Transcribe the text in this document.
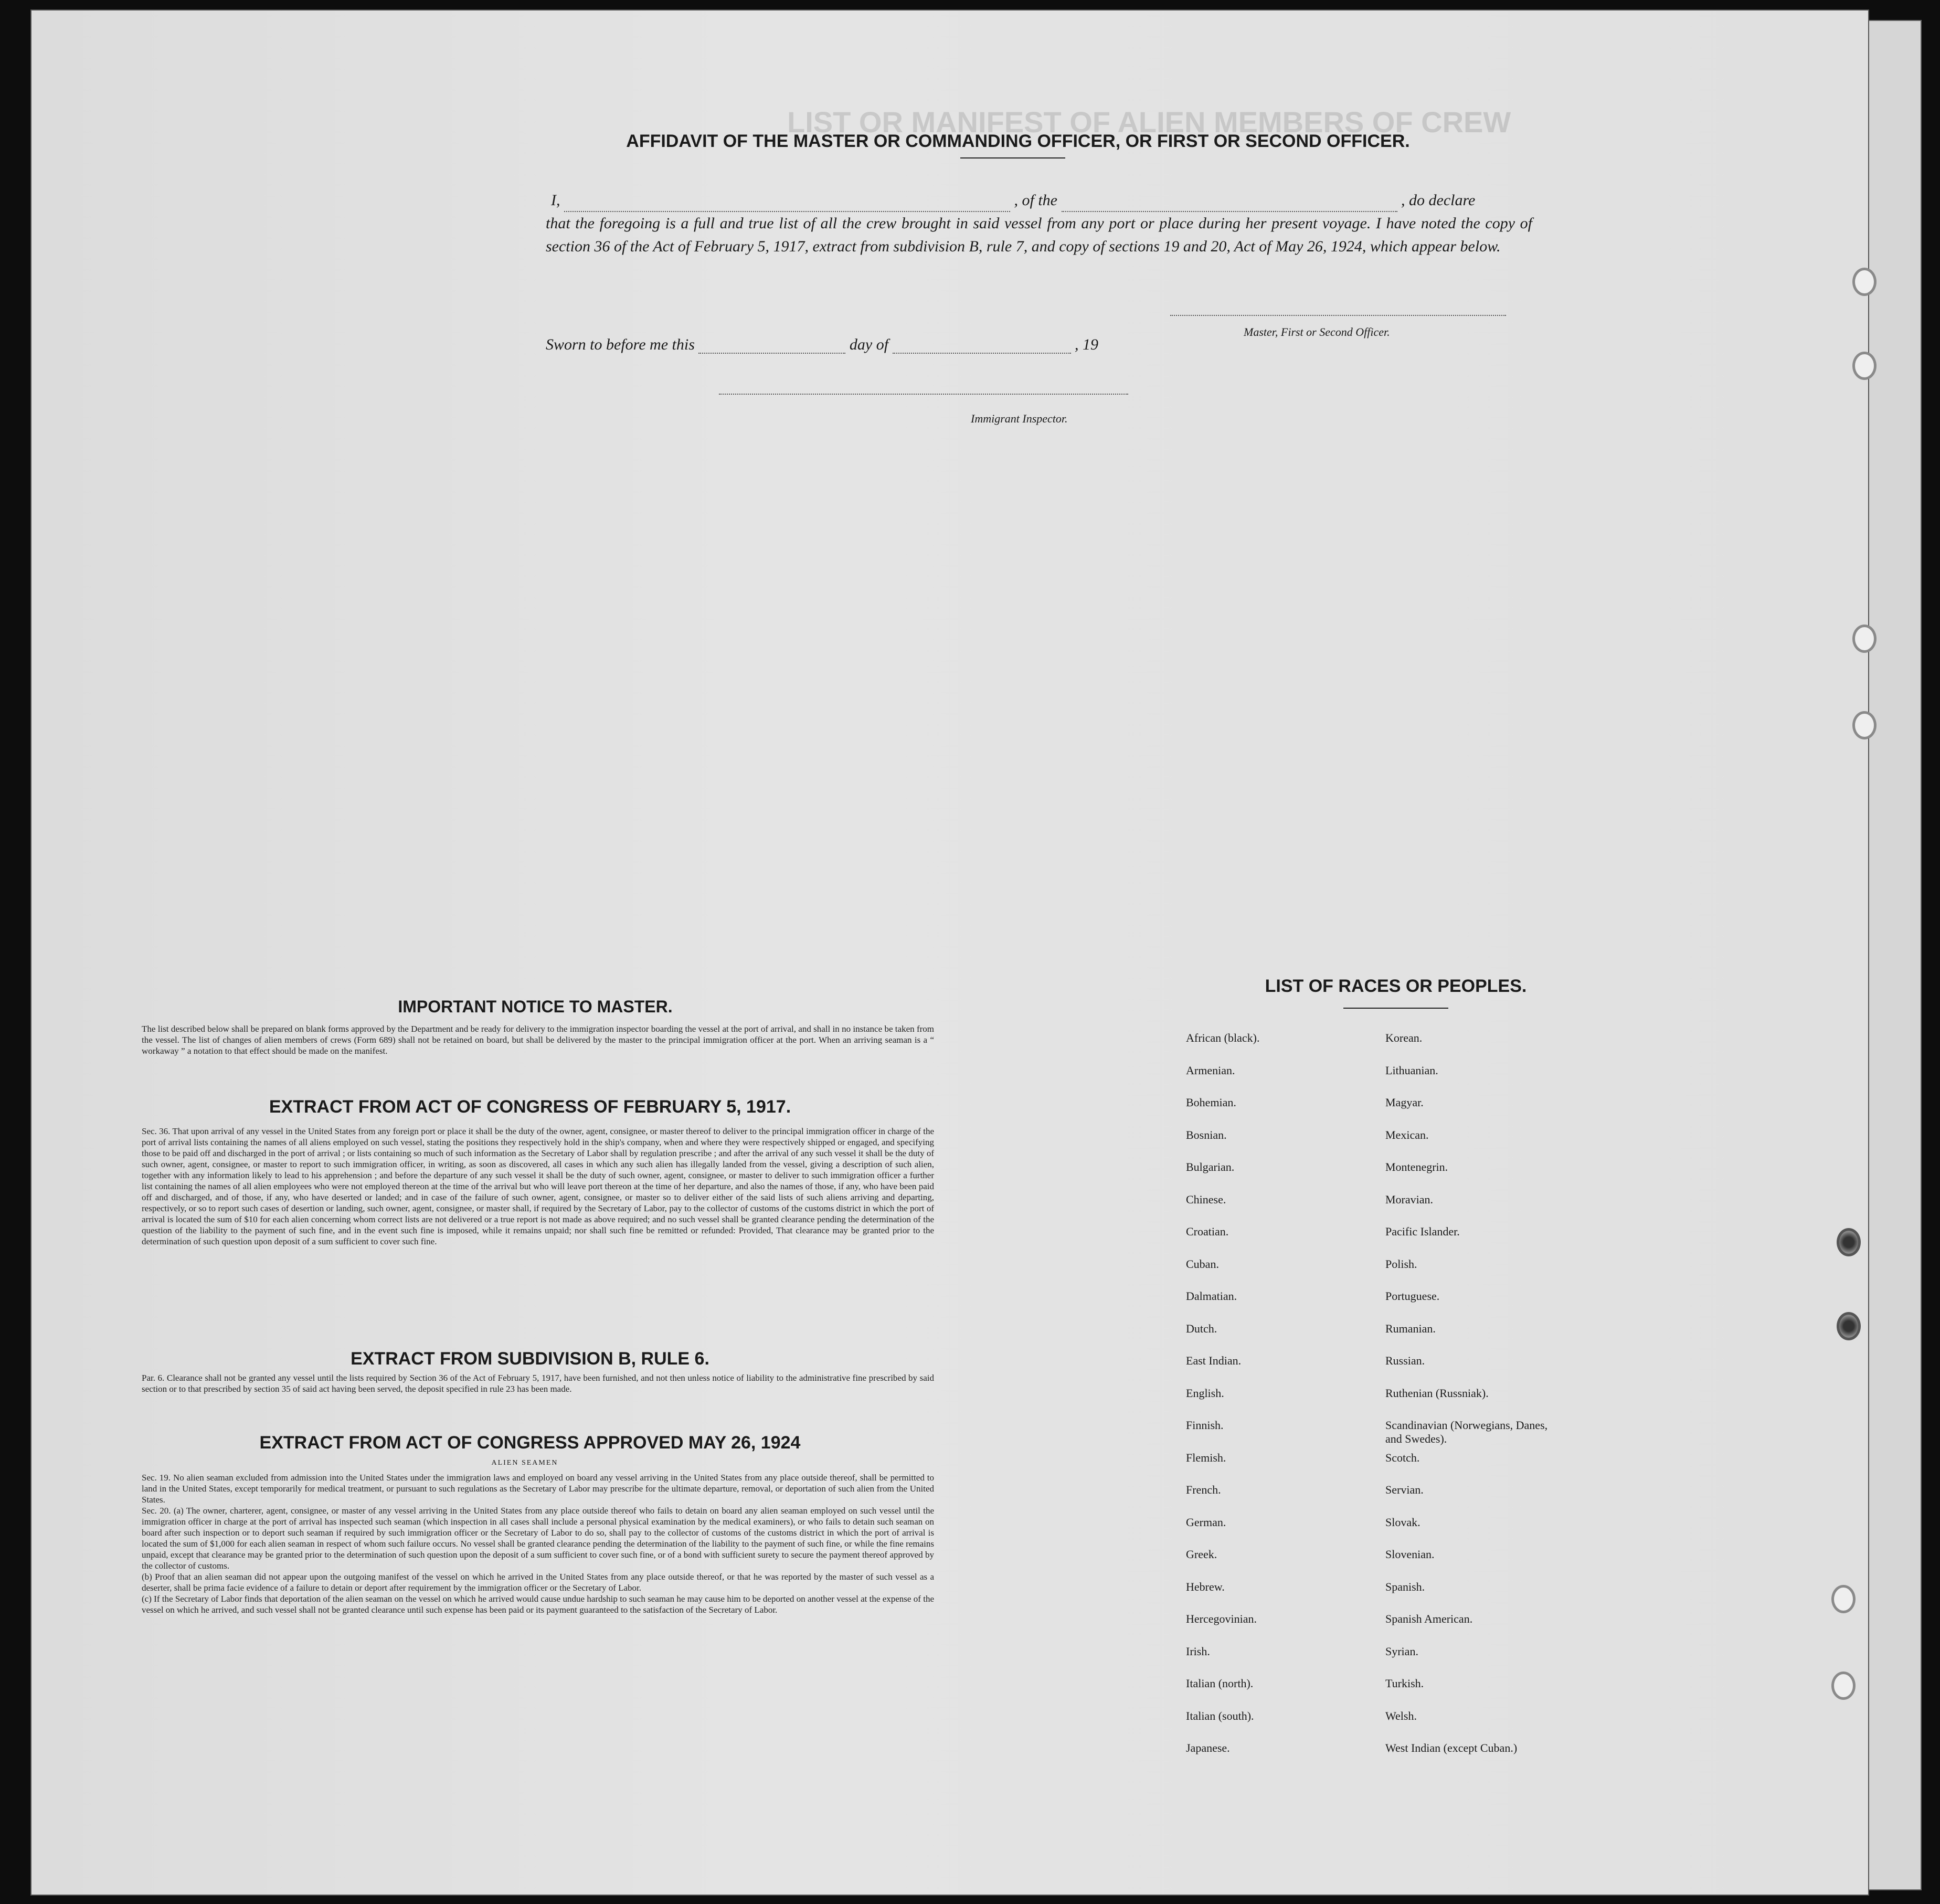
LIST OR MANIFEST OF ALIEN MEMBERS OF CREW
AFFIDAVIT OF THE MASTER OR COMMANDING OFFICER, OR FIRST OR SECOND OFFICER.
I,	, of the	, do declare
that the foregoing is a full and true list of all the crew brought in said vessel from any port or place during her present voyage. I have noted the copy of section 36 of the Act of February 5, 1917, extract from subdivision B, rule 7, and copy of sections 19 and 20, Act of May 26, 1924, which appear below.
Master, First or Second Officer.
Sworn to before me this	day of	, 19
Immigrant Inspector.
IMPORTANT NOTICE TO MASTER.
The list described below shall be prepared on blank forms approved by the Department and be ready for delivery to the immigration inspector boarding the vessel at the port of arrival, and shall in no instance be taken from the vessel. The list of changes of alien members of crews (Form 689) shall not be retained on board, but shall be delivered by the master to the principal immigration officer at the port. When an arriving seaman is a “ workaway ” a notation to that effect should be made on the manifest.
EXTRACT FROM ACT OF CONGRESS OF FEBRUARY 5, 1917.
Sec. 36. That upon arrival of any vessel in the United States from any foreign port or place it shall be the duty of the owner, agent, consignee, or master thereof to deliver to the principal immigration officer in charge of the port of arrival lists containing the names of all aliens employed on such vessel, stating the positions they respectively hold in the ship's company, when and where they were respectively shipped or engaged, and specifying those to be paid off and discharged in the port of arrival ; or lists containing so much of such information as the Secretary of Labor shall by regulation prescribe ; and after the arrival of any such vessel it shall be the duty of such owner, agent, consignee, or master to report to such immigration officer, in writing, as soon as discovered, all cases in which any such alien has illegally landed from the vessel, giving a description of such alien, together with any information likely to lead to his apprehension ; and before the departure of any such vessel it shall be the duty of such owner, agent, consignee, or master to deliver to such immigration officer a further list containing the names of all alien employees who were not employed thereon at the time of the arrival but who will leave port thereon at the time of her departure, and also the names of those, if any, who have been paid off and discharged, and of those, if any, who have deserted or landed; and in case of the failure of such owner, agent, consignee, or master so to deliver either of the said lists of such aliens arriving and departing, respectively, or so to report such cases of desertion or landing, such owner, agent, consignee, or master shall, if required by the Secretary of Labor, pay to the collector of customs of the customs district in which the port of arrival is located the sum of $10 for each alien concerning whom correct lists are not delivered or a true report is not made as above required; and no such vessel shall be granted clearance pending the determination of the question of the liability to the payment of such fine, and in the event such fine is imposed, while it remains unpaid; nor shall such fine be remitted or refunded: Provided, That clearance may be granted prior to the determination of such question upon deposit of a sum sufficient to cover such fine.
EXTRACT FROM SUBDIVISION B, RULE 6.
Par. 6. Clearance shall not be granted any vessel until the lists required by Section 36 of the Act of February 5, 1917, have been furnished, and not then unless notice of liability to the administrative fine prescribed by said section or to that prescribed by section 35 of said act having been served, the deposit specified in rule 23 has been made.
EXTRACT FROM ACT OF CONGRESS APPROVED MAY 26, 1924
ALIEN SEAMEN
Sec. 19. No alien seaman excluded from admission into the United States under the immigration laws and employed on board any vessel arriving in the United States from any place outside thereof, shall be permitted to land in the United States, except temporarily for medical treatment, or pursuant to such regulations as the Secretary of Labor may prescribe for the ultimate departure, removal, or deportation of such alien from the United States.
Sec. 20. (a) The owner, charterer, agent, consignee, or master of any vessel arriving in the United States from any place outside thereof who fails to detain on board any alien seaman employed on such vessel until the immigration officer in charge at the port of arrival has inspected such seaman (which inspection in all cases shall include a personal physical examination by the medical examiners), or who fails to detain such seaman on board after such inspection or to deport such seaman if required by such immigration officer or the Secretary of Labor to do so, shall pay to the collector of customs of the customs district in which the port of arrival is located the sum of $1,000 for each alien seaman in respect of whom such failure occurs. No vessel shall be granted clearance pending the determination of the liability to the payment of such fine, or while the fine remains unpaid, except that clearance may be granted prior to the determination of such question upon the deposit of a sum sufficient to cover such fine, or of a bond with sufficient surety to secure the payment thereof approved by the collector of customs.
(b) Proof that an alien seaman did not appear upon the outgoing manifest of the vessel on which he arrived in the United States from any place outside thereof, or that he was reported by the master of such vessel as a deserter, shall be prima facie evidence of a failure to detain or deport after requirement by the immigration officer or the Secretary of Labor.
(c) If the Secretary of Labor finds that deportation of the alien seaman on the vessel on which he arrived would cause undue hardship to such seaman he may cause him to be deported on another vessel at the expense of the vessel on which he arrived, and such vessel shall not be granted clearance until such expense has been paid or its payment guaranteed to the satisfaction of the Secretary of Labor.
LIST OF RACES OR PEOPLES.
African (black).
Armenian.
Bohemian.
Bosnian.
Bulgarian.
Chinese.
Croatian.
Cuban.
Dalmatian.
Dutch.
East Indian.
English.
Finnish.
Flemish.
French.
German.
Greek.
Hebrew.
Hercegovinian.
Irish.
Italian (north).
Italian (south).
Japanese.
Korean.
Lithuanian.
Magyar.
Mexican.
Montenegrin.
Moravian.
Pacific Islander.
Polish.
Portuguese.
Rumanian.
Russian.
Ruthenian (Russniak).
Scandinavian (Norwegians, Danes, and Swedes).
Scotch.
Servian.
Slovak.
Slovenian.
Spanish.
Spanish American.
Syrian.
Turkish.
Welsh.
West Indian (except Cuban.)
